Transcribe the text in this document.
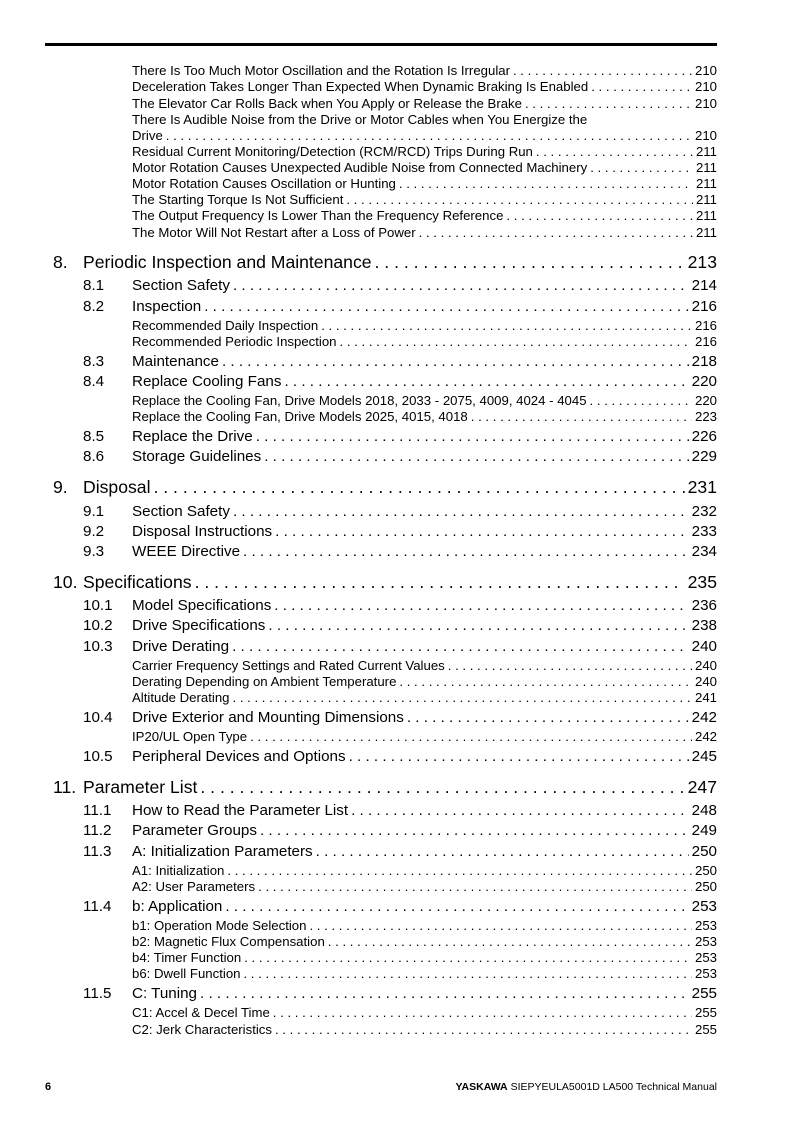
There Is Too Much Motor Oscillation and the Rotation Is Irregular . . .	210
Deceleration Takes Longer Than Expected When Dynamic Braking Is Enabled . . .	210
The Elevator Car Rolls Back when You Apply or Release the Brake . . .	210
There Is Audible Noise from the Drive or Motor Cables when You Energize the
Drive . . .	210
Residual Current Monitoring/Detection (RCM/RCD) Trips During Run . . .	211
Motor Rotation Causes Unexpected Audible Noise from Connected Machinery . . .	211
Motor Rotation Causes Oscillation or Hunting . . .	211
The Starting Torque Is Not Sufficient . . .	211
The Output Frequency Is Lower Than the Frequency Reference . . .	211
The Motor Will Not Restart after a Loss of Power . . .	211
8. Periodic Inspection and Maintenance . . .	213
8.1 Section Safety . . .	214
8.2 Inspection . . .	216
Recommended Daily Inspection . . .	216
Recommended Periodic Inspection . . .	216
8.3 Maintenance . . .	218
8.4 Replace Cooling Fans . . .	220
Replace the Cooling Fan, Drive Models 2018, 2033 - 2075, 4009, 4024 - 4045 . . .	220
Replace the Cooling Fan, Drive Models 2025, 4015, 4018 . . .	223
8.5 Replace the Drive . . .	226
8.6 Storage Guidelines . . .	229
9. Disposal . . .	231
9.1 Section Safety . . .	232
9.2 Disposal Instructions . . .	233
9.3 WEEE Directive . . .	234
10. Specifications . . .	235
10.1 Model Specifications . . .	236
10.2 Drive Specifications . . .	238
10.3 Drive Derating . . .	240
Carrier Frequency Settings and Rated Current Values . . .	240
Derating Depending on Ambient Temperature . . .	240
Altitude Derating . . .	241
10.4 Drive Exterior and Mounting Dimensions . . .	242
IP20/UL Open Type . . .	242
10.5 Peripheral Devices and Options . . .	245
11. Parameter List . . .	247
11.1 How to Read the Parameter List . . .	248
11.2 Parameter Groups . . .	249
11.3 A: Initialization Parameters . . .	250
A1: Initialization . . .	250
A2: User Parameters . . .	250
11.4 b: Application . . .	253
b1: Operation Mode Selection . . .	253
b2: Magnetic Flux Compensation . . .	253
b4: Timer Function . . .	253
b6: Dwell Function . . .	253
11.5 C: Tuning . . .	255
C1: Accel & Decel Time . . .	255
C2: Jerk Characteristics . . .	255
6	YASKAWA SIEPYEULA5001D LA500 Technical Manual
